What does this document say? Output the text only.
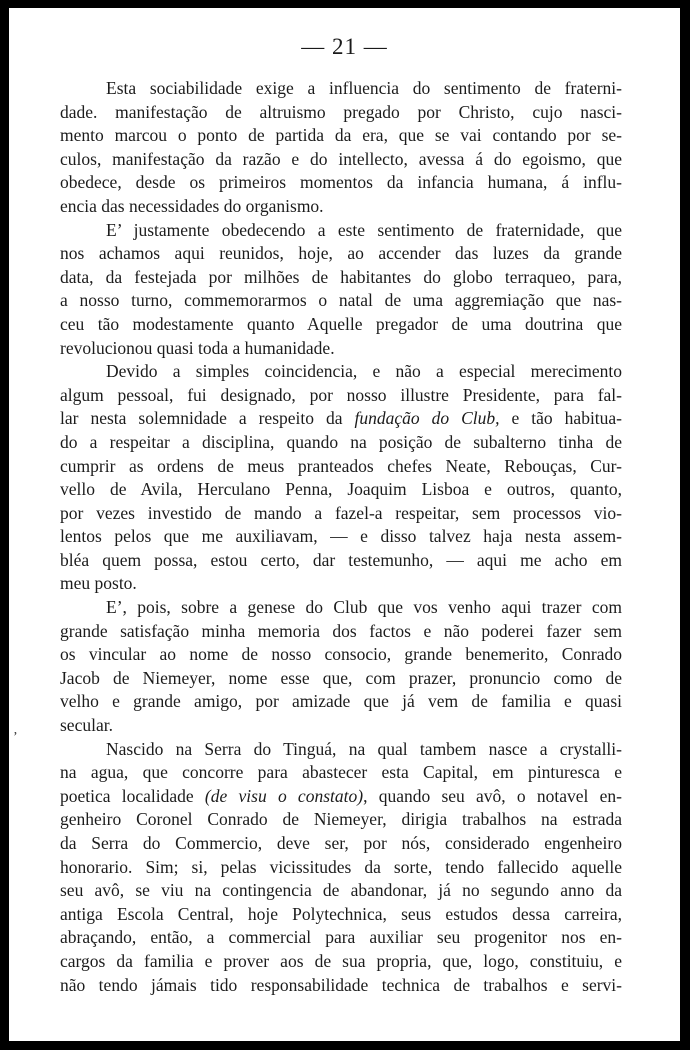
— 21 —
Esta sociabilidade exige a influencia do sentimento de fraterni-
dade. manifestação de altruismo pregado por Christo, cujo nasci-
mento marcou o ponto de partida da era, que se vai contando por se-
culos, manifestação da razão e do intellecto, avessa á do egoismo, que
obedece, desde os primeiros momentos da infancia humana, á influ-
encia das necessidades do organismo.
E’ justamente obedecendo a este sentimento de fraternidade, que
nos achamos aqui reunidos, hoje, ao accender das luzes da grande
data, da festejada por milhões de habitantes do globo terraqueo, para,
a nosso turno, commemorarmos o natal de uma aggremiação que nas-
ceu tão modestamente quanto Aquelle pregador de uma doutrina que
revolucionou quasi toda a humanidade.
Devido a simples coincidencia, e não a especial merecimento
algum pessoal, fui designado, por nosso illustre Presidente, para fal-
lar nesta solemnidade a respeito da fundação do Club, e tão habitua-
do a respeitar a disciplina, quando na posição de subalterno tinha de
cumprir as ordens de meus pranteados chefes Neate, Rebouças, Cur-
vello de Avila, Herculano Penna, Joaquim Lisboa e outros, quanto,
por vezes investido de mando a fazel-a respeitar, sem processos vio-
lentos pelos que me auxiliavam, — e disso talvez haja nesta assem-
bléa quem possa, estou certo, dar testemunho, — aqui me acho em
meu posto.
E’, pois, sobre a genese do Club que vos venho aqui trazer com
grande satisfação minha memoria dos factos e não poderei fazer sem
os vincular ao nome de nosso consocio, grande benemerito, Conrado
Jacob de Niemeyer, nome esse que, com prazer, pronuncio como de
velho e grande amigo, por amizade que já vem de familia e quasi
secular.
Nascido na Serra do Tinguá, na qual tambem nasce a crystalli-
na agua, que concorre para abastecer esta Capital, em pinturesca e
poetica localidade (de visu o constato), quando seu avô, o notavel en-
genheiro Coronel Conrado de Niemeyer, dirigia trabalhos na estrada
da Serra do Commercio, deve ser, por nós, considerado engenheiro
honorario. Sim; si, pelas vicissitudes da sorte, tendo fallecido aquelle
seu avô, se viu na contingencia de abandonar, já no segundo anno da
antiga Escola Central, hoje Polytechnica, seus estudos dessa carreira,
abraçando, então, a commercial para auxiliar seu progenitor nos en-
cargos da familia e prover aos de sua propria, que, logo, constituiu, e
não tendo jámais tido responsabilidade technica de trabalhos e servi-
’
